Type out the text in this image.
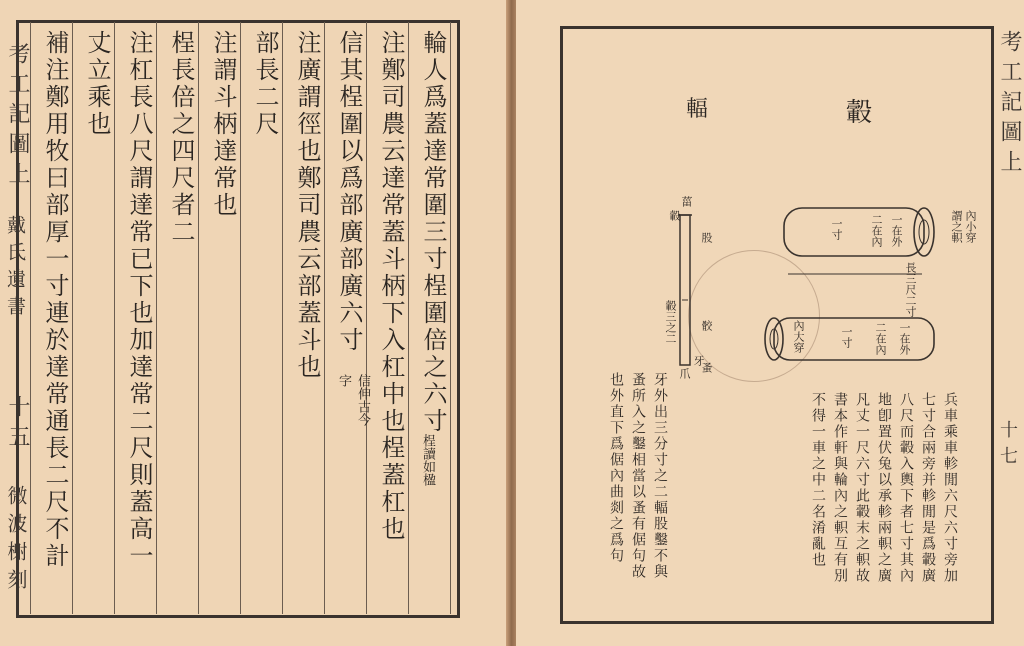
考工記圖上
戴氏遺書
十五
微波榭刻
輪人爲蓋達常圍三寸桯圍倍之六寸
桯讀如楹
注鄭司農云達常蓋斗柄下入杠中也桯蓋杠也
信其桯圍以爲部廣部廣六寸
信伸古今字
注廣謂徑也鄭司農云部蓋斗也
部長二尺
注謂斗柄達常也
桯長倍之四尺者二
注杠長八尺謂達常已下也加達常二尺則蓋高一
丈立乘也
補注鄭用牧曰部厚一寸連於達常通長二尺不計	考工記圖上
十七
轂
輻
內小穿
謂之軹
一在外
二在內
一寸
長三尺二寸
內大穿	一在外
二在內
一寸
菑
轂
股
骹
牙
蚤
爪
轂三之二
兵車乘車軫閒六尺六寸旁加
七寸合兩旁并軫閒是爲轂廣
八尺而轂入輿下者七寸其內
地卽置伏兔以承軫兩軹之廣
凡丈一尺六寸此轂末之軹故
書本作軒與輪內之軹互有別
不得一車之中二名淆亂也
牙外出三分寸之二輻股鑿不與
蚤所入之鑿相當以蚤有倨句故
也外直下爲倨內曲剡之爲句
